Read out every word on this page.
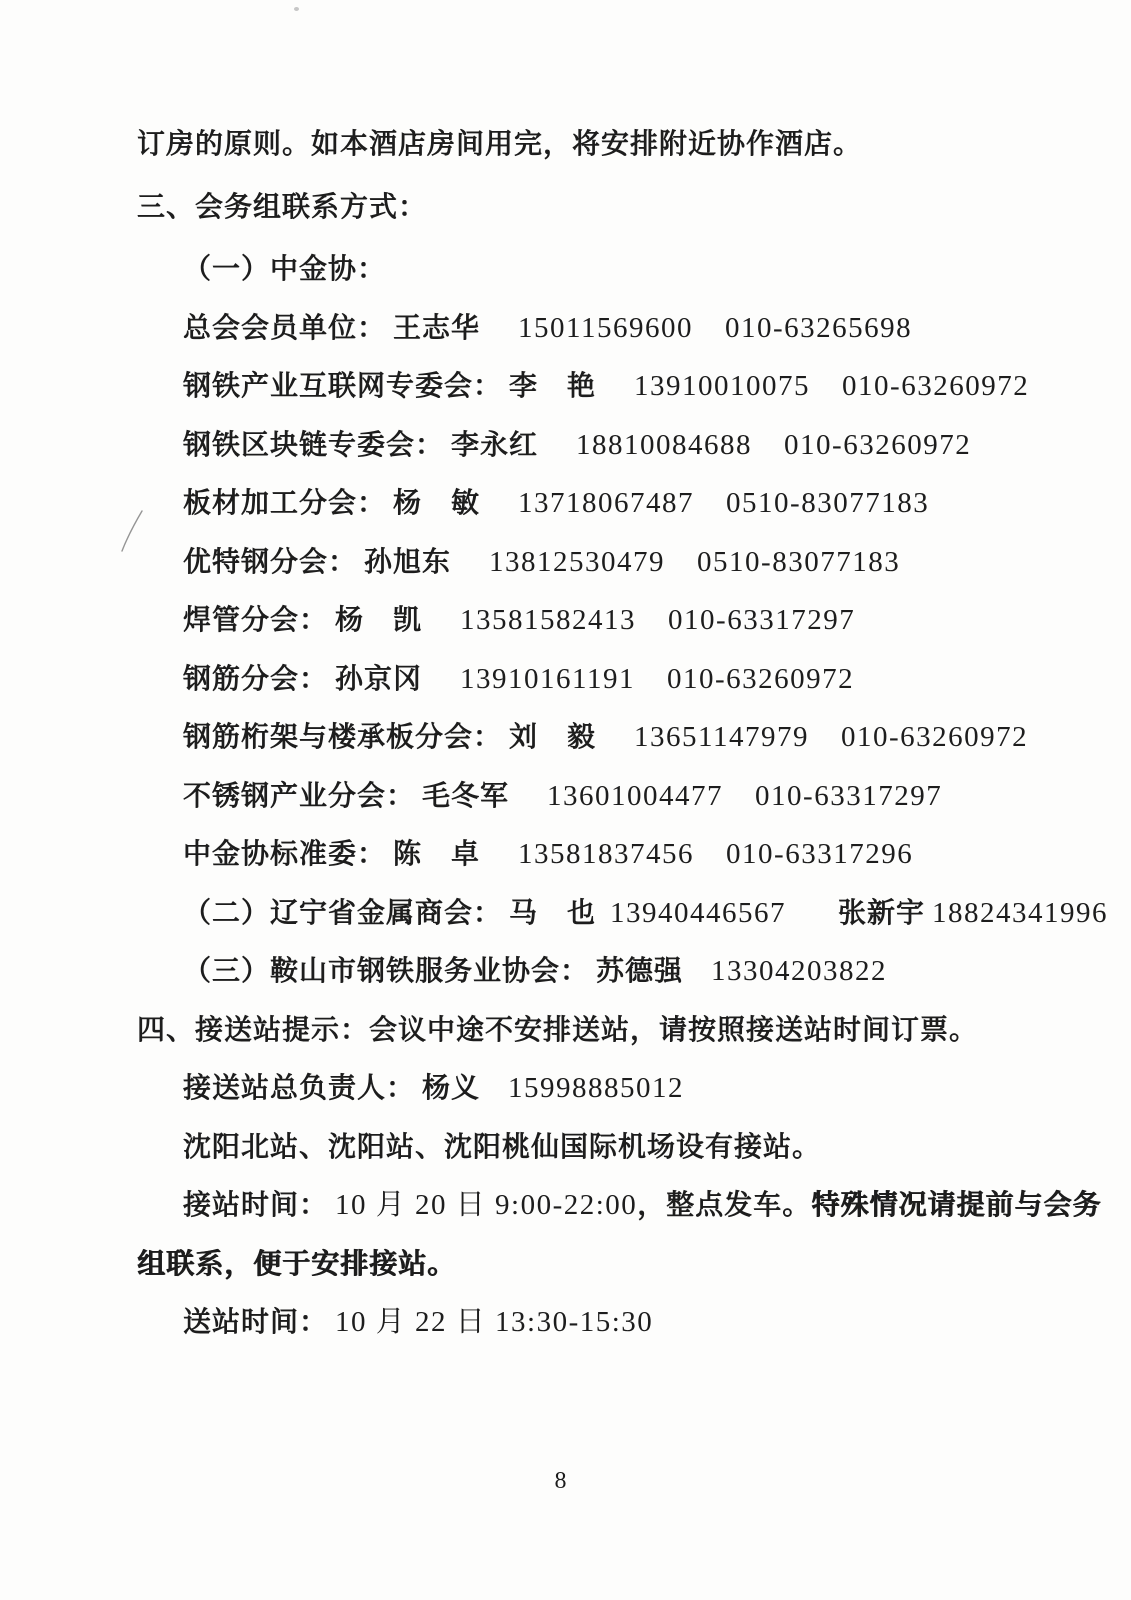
订房的原则。如本酒店房间用完，将安排附近协作酒店。

三、会务组联系方式：

（一）中金协：

总会会员单位： 王志华 15011569600 010-63265698

钢铁产业互联网专委会： 李　艳 13910010075 010-63260972

钢铁区块链专委会： 李永红 18810084688 010-63260972

板材加工分会： 杨　敏 13718067487 0510-83077183

优特钢分会： 孙旭东 13812530479 0510-83077183

焊管分会： 杨　凯 13581582413 010-63317297

钢筋分会： 孙京冈 13910161191 010-63260972

钢筋桁架与楼承板分会： 刘　毅 13651147979 010-63260972

不锈钢产业分会： 毛冬军 13601004477 010-63317297

中金协标准委： 陈　卓 13581837456 010-63317296

（二）辽宁省金属商会： 马　也 13940446567 张新宇 18824341996

（三）鞍山市钢铁服务业协会： 苏德强 13304203822

四、接送站提示：会议中途不安排送站，请按照接送站时间订票。

接送站总负责人： 杨义 15998885012

沈阳北站、沈阳站、沈阳桃仙国际机场设有接站。

接站时间： 10 月 20 日 9:00-22:00，整点发车。特殊情况请提前与会务

组联系，便于安排接站。

送站时间： 10 月 22 日 13:30-15:30

8
